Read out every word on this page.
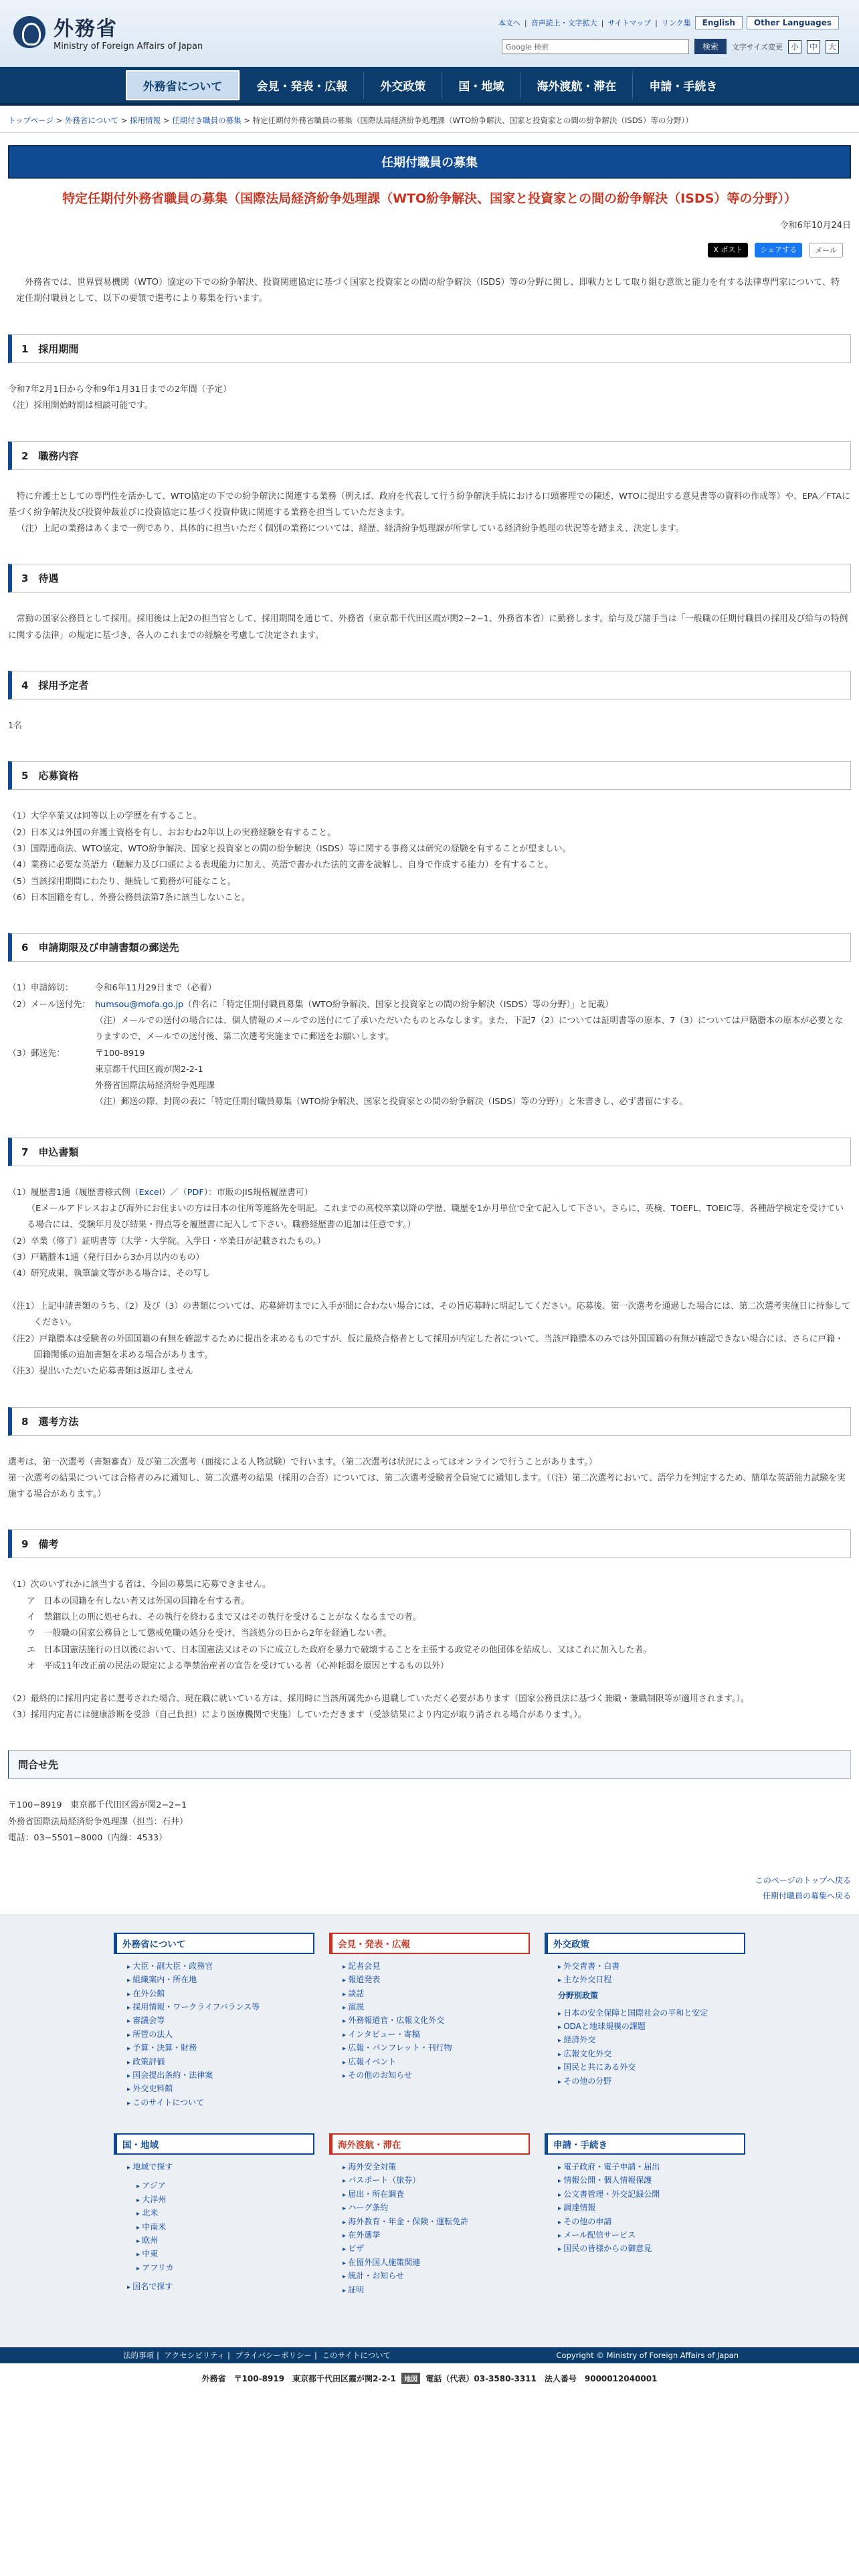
外務省
Ministry of Foreign Affairs of Japan
本文へ | 音声読上・文字拡大 | サイトマップ | リンク集	English	Other Languages
Google 検索	検索	文字サイズ変更 小	中	大
外務省について	会見・発表・広報	外交政策	国・地域	海外渡航・滞在	申請・手続き
トップページ > 外務省について > 採用情報 > 任期付き職員の募集 > 特定任期付外務省職員の募集（国際法局経済紛争処理課（WTO紛争解決、国家と投資家との間の紛争解決（ISDS）等の分野））
任期付職員の募集
特定任期付外務省職員の募集（国際法局経済紛争処理課（WTO紛争解決、国家と投資家との間の紛争解決（ISDS）等の分野））
令和6年10月24日
X ポスト	シェアする	メール

外務省では、世界貿易機関（WTO）協定の下での紛争解決、投資関連協定に基づく国家と投資家との間の紛争解決（ISDS）等の分野に関し、即戦力として取り組む意欲と能力を有する法律専門家について、特定任期付職員として、以下の要領で選考により募集を行います。

1　採用期間

令和7年2月1日から令和9年1月31日までの2年間（予定）

（注）採用開始時期は相談可能です。

2　職務内容

特に弁護士としての専門性を活かして、WTO協定の下での紛争解決に関連する業務（例えば、政府を代表して行う紛争解決手続における口頭審理での陳述、WTOに提出する意見書等の資料の作成等）や、EPA／FTAに基づく紛争解決及び投資仲裁並びに投資協定に基づく投資仲裁に関連する業務を担当していただきます。

（注）上記の業務はあくまで一例であり、具体的に担当いただく個別の業務については、経歴、経済紛争処理課が所掌している経済紛争処理の状況等を踏まえ、決定します。

3　待遇

常勤の国家公務員として採用。採用後は上記2の担当官として、採用期間を通じて、外務省（東京都千代田区霞が関2−2−1、外務省本省）に勤務します。給与及び諸手当は「一般職の任期付職員の採用及び給与の特例に関する法律」の規定に基づき、各人のこれまでの経験を考慮して決定されます。

4　採用予定者

1名

5　応募資格

（1）大学卒業又は同等以上の学歴を有すること。

（2）日本又は外国の弁護士資格を有し、おおむね2年以上の実務経験を有すること。

（3）国際通商法、WTO協定、WTO紛争解決、国家と投資家との間の紛争解決（ISDS）等に関する事務又は研究の経験を有することが望ましい。

（4）業務に必要な英語力（聴解力及び口頭による表現能力に加え、英語で書かれた法的文書を読解し、自身で作成する能力）を有すること。

（5）当該採用期間にわたり、継続して勤務が可能なこと。

（6）日本国籍を有し、外務公務員法第7条に該当しないこと。

6　申請期限及び申請書類の郵送先
（1）申請締切：	令和6年11月29日まで（必着）
（2）メール送付先： humsou@mofa.go.jp（件名に「特定任期付職員募集（WTO紛争解決、国家と投資家との間の紛争解決（ISDS）等の分野）」と記載）

（注）メールでの送付の場合には、個人情報のメールでの送付にて了承いただいたものとみなします。また、下記7（2）については証明書等の原本、7（3）については戸籍謄本の原本が必要となりますので、メールでの送付後、第二次選考実施までに郵送をお願いします。

（3）郵送先：	〒100-8919
東京都千代田区霞が関2-2-1
外務省国際法局経済紛争処理課

（注）郵送の際、封筒の表に「特定任期付職員募集（WTO紛争解決、国家と投資家との間の紛争解決（ISDS）等の分野）」と朱書きし、必ず書留にする。

7　申込書類

（1）履歴書1通（履歴書様式例（Excel）／（PDF）：市販のJIS規格履歴書可）

（Eメールアドレスおよび海外にお住まいの方は日本の住所等連絡先を明記。これまでの高校卒業以降の学歴、職歴を1か月単位で全て記入して下さい。さらに、英検、TOEFL、TOEIC等、各種語学検定を受けている場合には、受験年月及び結果・得点等を履歴書に記入して下さい。職務経歴書の追加は任意です。）

（2）卒業（修了）証明書等（大学・大学院。入学日・卒業日が記載されたもの。）

（3）戸籍謄本1通（発行日から3か月以内のもの）

（4）研究成果、執筆論文等がある場合は、その写し

（注1）上記申請書類のうち、（2）及び（3）の書類については、応募締切までに入手が間に合わない場合には、その旨応募時に明記してください。応募後、第一次選考を通過した場合には、第二次選考実施日に持参してください。

（注2）戸籍謄本は受験者の外国国籍の有無を確認するために提出を求めるものですが、仮に最終合格者として採用が内定した者について、当該戸籍謄本のみでは外国国籍の有無が確認できない場合には、さらに戸籍・国籍関係の追加書類を求める場合があります。

（注3）提出いただいた応募書類は返却しません

8　選考方法

選考は、第一次選考（書類審査）及び第二次選考（面接による人物試験）で行います。（第二次選考は状況によってはオンラインで行うことがあります。）

第一次選考の結果については合格者のみに通知し、第二次選考の結果（採用の合否）については、第二次選考受験者全員宛てに通知します。（（注）第二次選考において、語学力を判定するため、簡単な英語能力試験を実施する場合があります。）

9　備考

（1）次のいずれかに該当する者は、今回の募集に応募できません。

ア　日本の国籍を有しない者又は外国の国籍を有する者。

イ　禁錮以上の刑に処せられ、その執行を終わるまで又はその執行を受けることがなくなるまでの者。

ウ　一般職の国家公務員として懲戒免職の処分を受け、当該処分の日から2年を経過しない者。

エ　日本国憲法施行の日以後において、日本国憲法又はその下に成立した政府を暴力で破壊することを主張する政党その他団体を結成し、又はこれに加入した者。

オ　平成11年改正前の民法の規定による準禁治産者の宣告を受けている者（心神耗弱を原因とするもの以外）

（2）最終的に採用内定者に選考された場合、現在職に就いている方は、採用時に当該所属先から退職していただく必要があります（国家公務員法に基づく兼職・兼職制限等が適用されます。）。

（3）採用内定者には健康診断を受診（自己負担）により医療機関で実施）していただきます（受診結果により内定が取り消される場合があります。）。

問合せ先

〒100−8919　東京都千代田区霞が関2−2−1

外務省国際法局経済紛争処理課（担当：石井）

電話：03−5501−8000（内線：4533）

このページのトップへ戻る
任期付職員の募集へ戻る
外務省について
▸ 大臣・副大臣・政務官
▸ 組織案内・所在地
▸ 在外公館
▸ 採用情報・ワークライフバランス等
▸ 審議会等
▸ 所管の法人
▸ 予算・決算・財務
▸ 政策評価
▸ 国会提出条約・法律案
▸ 外交史料館
▸ このサイトについて
会見・発表・広報
▸ 記者会見
▸ 報道発表
▸ 談話
▸ 演説
▸ 外務報道官・広報文化外交
▸ インタビュー・寄稿
▸ 広報・パンフレット・刊行物
▸ 広報イベント
▸ その他のお知らせ
外交政策
▸ 外交青書・白書
▸ 主な外交日程
分野別政策
▸ 日本の安全保障と国際社会の平和と安定
▸ ODAと地球規模の課題
▸ 経済外交
▸ 広報文化外交
▸ 国民と共にある外交
▸ その他の分野
国・地域
▸ 地域で探す
▸ アジア
▸ 大洋州
▸ 北米
▸ 中南米
▸ 欧州
▸ 中東
▸ アフリカ
▸ 国名で探す
海外渡航・滞在
▸ 海外安全対策
▸ パスポート（旅券）
▸ 届出・所在調査
▸ ハーグ条約
▸ 海外教育・年金・保険・運転免許
▸ 在外選挙
▸ ビザ
▸ 在留外国人施策関連
▸ 統計・お知らせ
▸ 証明
申請・手続き
▸ 電子政府・電子申請・届出
▸ 情報公開・個人情報保護
▸ 公文書管理・外交記録公開
▸ 調達情報
▸ その他の申請
▸ メール配信サービス
▸ 国民の皆様からの御意見
法的事項 | アクセシビリティ | プライバシーポリシー | このサイトについて	Copyright © Ministry of Foreign Affairs of Japan
外務省　〒100-8919　東京都千代田区霞が関2-2-1 地図 電話（代表）03-3580-3311　法人番号　9000012040001
